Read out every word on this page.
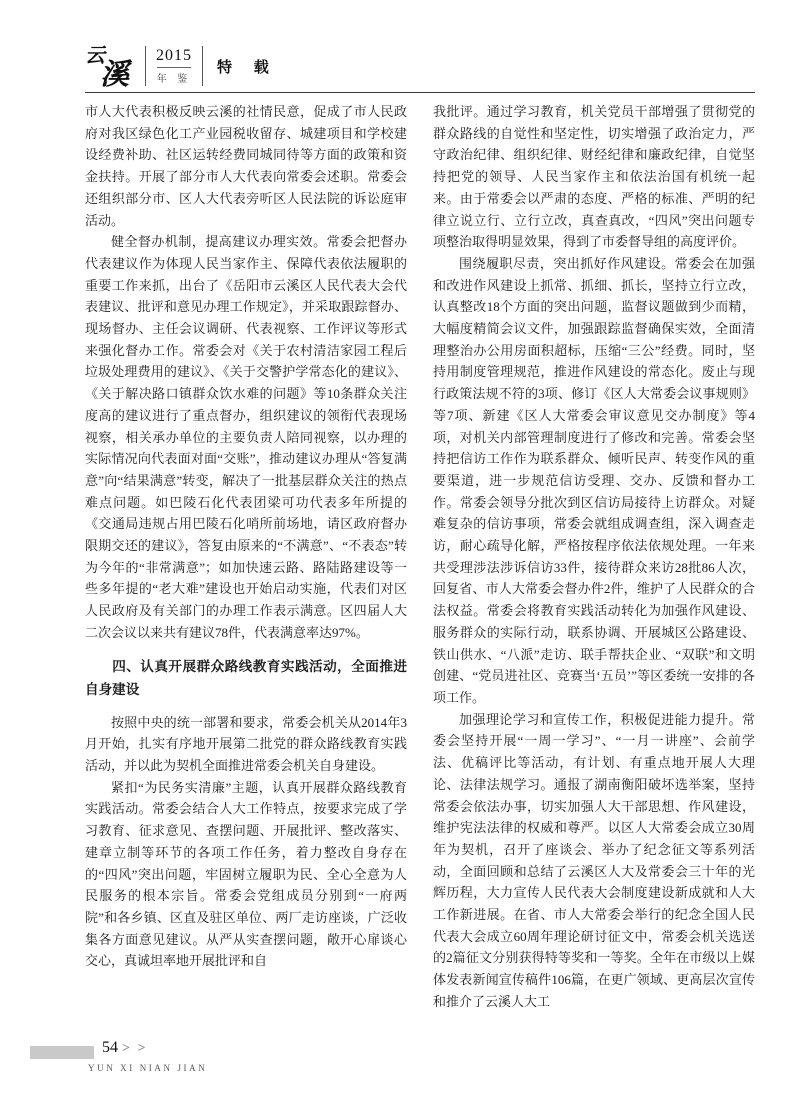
云
溪
2015
年 鉴
特 载

市人大代表积极反映云溪的社情民意，促成了市人民政府对我区绿色化工产业园税收留存、城建项目和学校建设经费补助、社区运转经费同城同待等方面的政策和资金扶持。开展了部分市人大代表向常委会述职。常委会还组织部分市、区人大代表旁听区人民法院的诉讼庭审活动。

健全督办机制，提高建议办理实效。常委会把督办代表建议作为体现人民当家作主、保障代表依法履职的重要工作来抓，出台了《岳阳市云溪区人民代表大会代表建议、批评和意见办理工作规定》，并采取跟踪督办、现场督办、主任会议调研、代表视察、工作评议等形式来强化督办工作。常委会对《关于农村清洁家园工程后垃圾处理费用的建议》、《关于交警护学常态化的建议》、《关于解决路口镇群众饮水难的问题》等10条群众关注度高的建议进行了重点督办，组织建议的领衔代表现场视察，相关承办单位的主要负责人陪同视察，以办理的实际情况向代表面对面“交账”，推动建议办理从“答复满意”向“结果满意”转变，解决了一批基层群众关注的热点难点问题。如巴陵石化代表团梁可功代表多年所提的《交通局违规占用巴陵石化哨所前场地，请区政府督办限期交还的建议》，答复由原来的“不满意”、“不表态”转为今年的“非常满意”；如加快速云路、路陆路建设等一些多年提的“老大难”建设也开始启动实施，代表们对区人民政府及有关部门的办理工作表示满意。区四届人大二次会议以来共有建议78件，代表满意率达97%。

四、认真开展群众路线教育实践活动，全面推进自身建设

按照中央的统一部署和要求，常委会机关从2014年3月开始，扎实有序地开展第二批党的群众路线教育实践活动，并以此为契机全面推进常委会机关自身建设。

紧扣“为民务实清廉”主题，认真开展群众路线教育实践活动。常委会结合人大工作特点，按要求完成了学习教育、征求意见、查摆问题、开展批评、整改落实、建章立制等环节的各项工作任务，着力整改自身存在的“四风”突出问题，牢固树立履职为民、全心全意为人民服务的根本宗旨。常委会党组成员分别到“一府两院”和各乡镇、区直及驻区单位、两厂走访座谈，广泛收集各方面意见建议。从严从实查摆问题，敞开心扉谈心交心，真诚坦率地开展批评和自

我批评。通过学习教育，机关党员干部增强了贯彻党的群众路线的自觉性和坚定性，切实增强了政治定力，严守政治纪律、组织纪律、财经纪律和廉政纪律，自觉坚持把党的领导、人民当家作主和依法治国有机统一起来。由于常委会以严肃的态度、严格的标准、严明的纪律立说立行、立行立改，真查真改，“四风”突出问题专项整治取得明显效果，得到了市委督导组的高度评价。

围绕履职尽责，突出抓好作风建设。常委会在加强和改进作风建设上抓常、抓细、抓长，坚持立行立改，认真整改18个方面的突出问题，监督议题做到少而精，大幅度精简会议文件，加强跟踪监督确保实效，全面清理整治办公用房面积超标，压缩“三公”经费。同时，坚持用制度管理规范，推进作风建设的常态化。废止与现行政策法规不符的3项、修订《区人大常委会议事规则》等7项、新建《区人大常委会审议意见交办制度》等4项，对机关内部管理制度进行了修改和完善。常委会坚持把信访工作作为联系群众、倾听民声、转变作风的重要渠道，进一步规范信访受理、交办、反馈和督办工作。常委会领导分批次到区信访局接待上访群众。对疑难复杂的信访事项，常委会就组成调查组，深入调查走访，耐心疏导化解，严格按程序依法依规处理。一年来共受理涉法涉诉信访33件，接待群众来访28批86人次，回复省、市人大常委会督办件2件，维护了人民群众的合法权益。常委会将教育实践活动转化为加强作风建设、服务群众的实际行动，联系协调、开展城区公路建设、铁山供水、“八派”走访、联手帮扶企业、“双联”和文明创建、“党员进社区、竞赛当‘五员’”等区委统一安排的各项工作。

加强理论学习和宣传工作，积极促进能力提升。常委会坚持开展“一周一学习”、“一月一讲座”、会前学法、优稿评比等活动，有计划、有重点地开展人大理论、法律法规学习。通报了湖南衡阳破坏选举案，坚持常委会依法办事，切实加强人大干部思想、作风建设，维护宪法法律的权威和尊严。以区人大常委会成立30周年为契机，召开了座谈会、举办了纪念征文等系列活动，全面回顾和总结了云溪区人大及常委会三十年的光辉历程，大力宣传人民代表大会制度建设新成就和人大工作新进展。在省、市人大常委会举行的纪念全国人民代表大会成立60周年理论研讨征文中，常委会机关选送的2篇征文分别获得特等奖和一等奖。全年在市级以上媒体发表新闻宣传稿件106篇，在更广领域、更高层次宣传和推介了云溪人大工

54 > >
YUN XI NIAN JIAN
